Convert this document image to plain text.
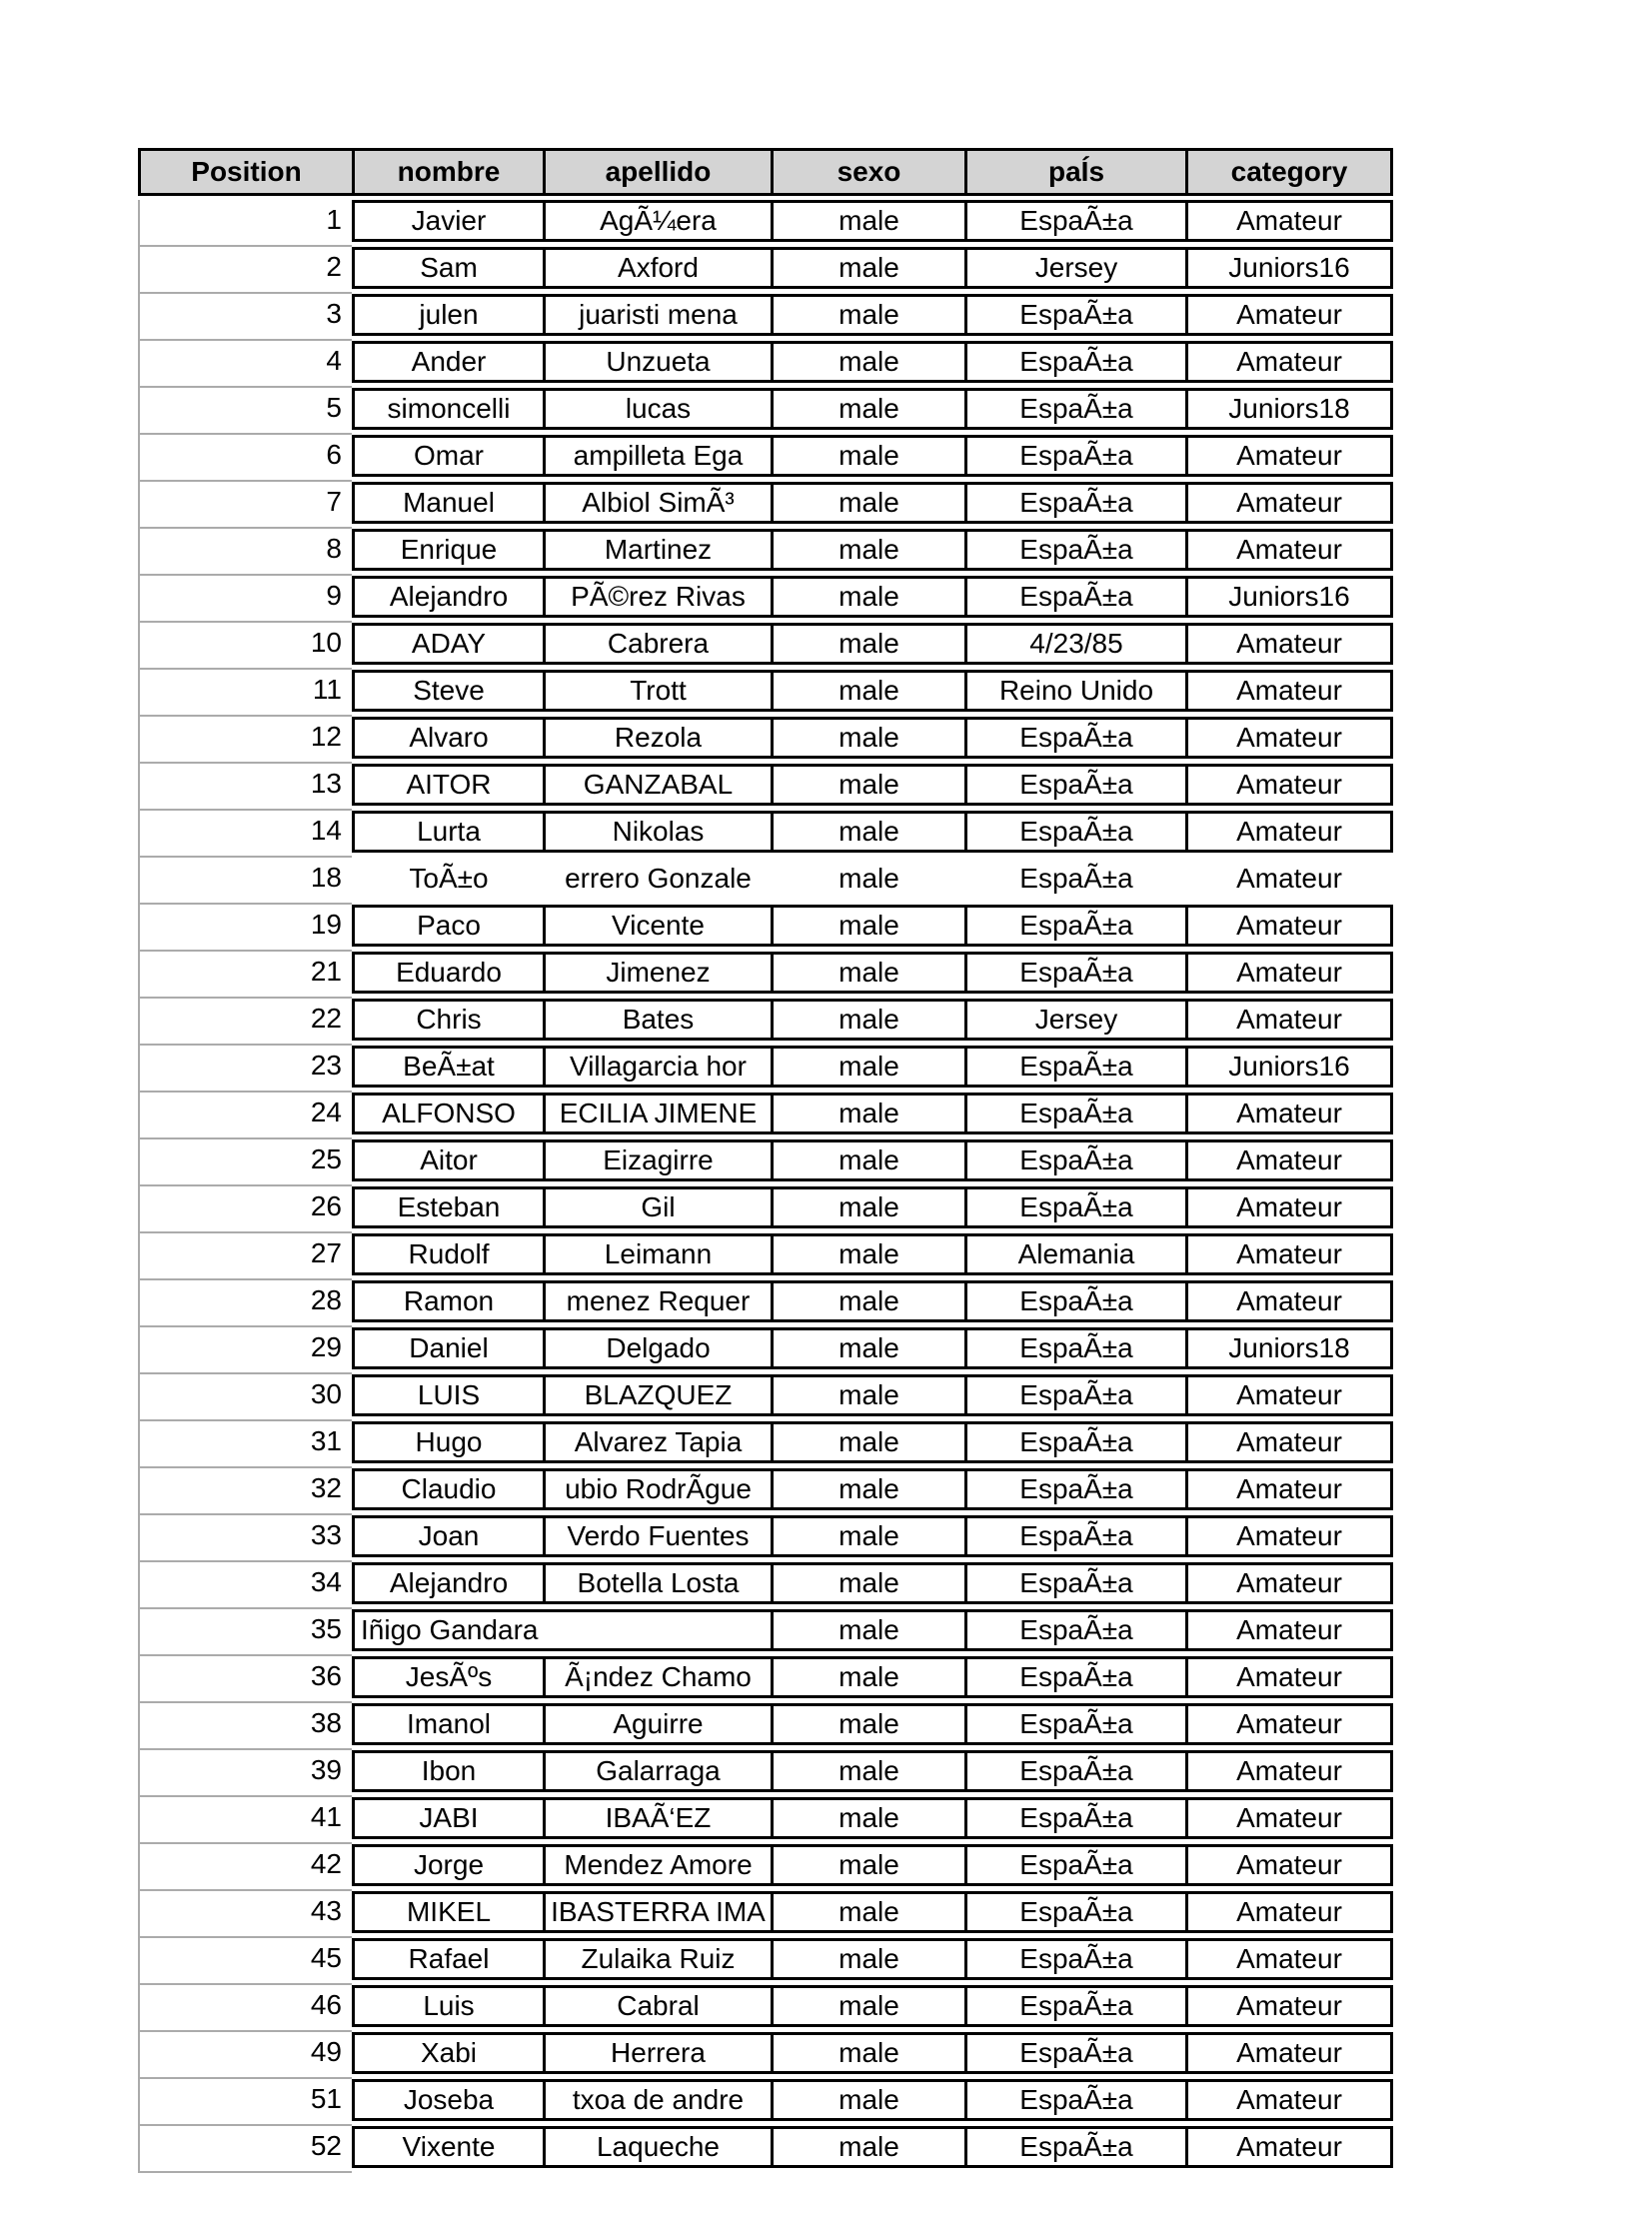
Position	nombre	apellido	sexo	paÍs	category
1	Javier	AgÃ¼era	male	EspaÃ±a	Amateur
2	Sam	Axford	male	Jersey	Juniors16
3	julen	juaristi mena	male	EspaÃ±a	Amateur
4	Ander	Unzueta	male	EspaÃ±a	Amateur
5	simoncelli	lucas	male	EspaÃ±a	Juniors18
6	Omar	ampilleta Ega	male	EspaÃ±a	Amateur
7	Manuel	Albiol SimÃ³	male	EspaÃ±a	Amateur
8	Enrique	Martinez	male	EspaÃ±a	Amateur
9	Alejandro	PÃ©rez Rivas	male	EspaÃ±a	Juniors16
10	ADAY	Cabrera	male	4/23/85	Amateur
11	Steve	Trott	male	Reino Unido	Amateur
12	Alvaro	Rezola	male	EspaÃ±a	Amateur
13	AITOR	GANZABAL	male	EspaÃ±a	Amateur
14	Lurta	Nikolas	male	EspaÃ±a	Amateur
18	ToÃ±o	errero Gonzale	male	EspaÃ±a	Amateur
19	Paco	Vicente	male	EspaÃ±a	Amateur
21	Eduardo	Jimenez	male	EspaÃ±a	Amateur
22	Chris	Bates	male	Jersey	Amateur
23	BeÃ±at	Villagarcia hor	male	EspaÃ±a	Juniors16
24	ALFONSO	ECILIA JIMENE	male	EspaÃ±a	Amateur
25	Aitor	Eizagirre	male	EspaÃ±a	Amateur
26	Esteban	Gil	male	EspaÃ±a	Amateur
27	Rudolf	Leimann	male	Alemania	Amateur
28	Ramon	menez Requer	male	EspaÃ±a	Amateur
29	Daniel	Delgado	male	EspaÃ±a	Juniors18
30	LUIS	BLAZQUEZ	male	EspaÃ±a	Amateur
31	Hugo	Alvarez Tapia	male	EspaÃ±a	Amateur
32	Claudio	ubio RodrÃgue	male	EspaÃ±a	Amateur
33	Joan	Verdo Fuentes	male	EspaÃ±a	Amateur
34	Alejandro	Botella Losta	male	EspaÃ±a	Amateur
35 Iñigo Gandara	male	EspaÃ±a	Amateur
36	JesÃºs	Ã¡ndez Chamo	male	EspaÃ±a	Amateur
38	Imanol	Aguirre	male	EspaÃ±a	Amateur
39	Ibon	Galarraga	male	EspaÃ±a	Amateur
41	JABI	IBAÃ‘EZ	male	EspaÃ±a	Amateur
42	Jorge	Mendez Amore	male	EspaÃ±a	Amateur
43	MIKEL	IBASTERRA IMA	male	EspaÃ±a	Amateur
45	Rafael	Zulaika Ruiz	male	EspaÃ±a	Amateur
46	Luis	Cabral	male	EspaÃ±a	Amateur
49	Xabi	Herrera	male	EspaÃ±a	Amateur
51	Joseba	txoa de andre	male	EspaÃ±a	Amateur
52	Vixente	Laqueche	male	EspaÃ±a	Amateur
